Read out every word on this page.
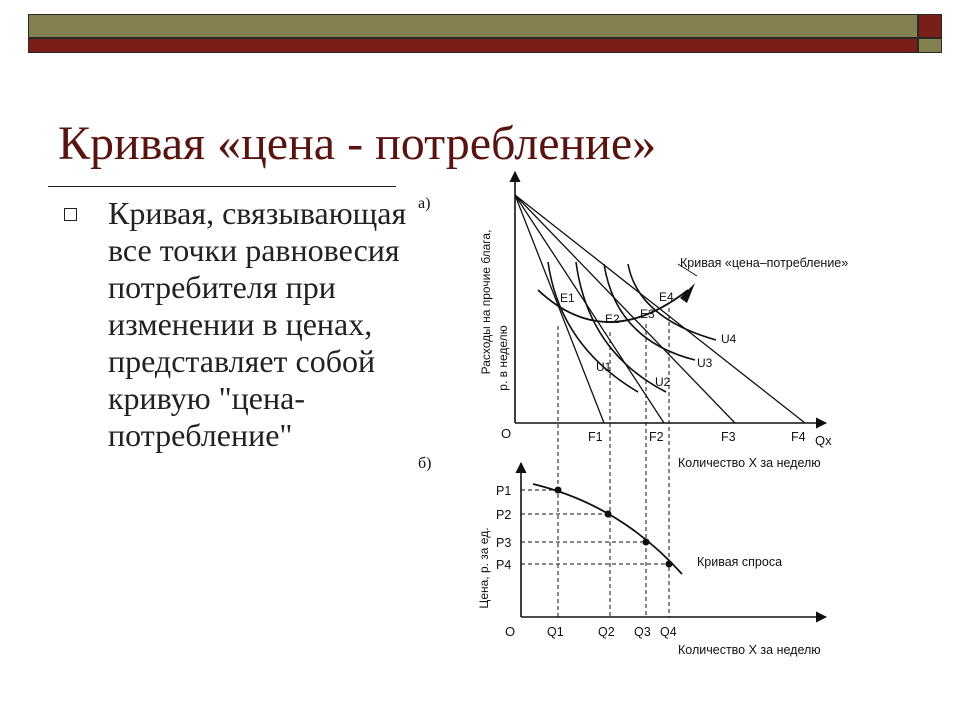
Кривая «цена - потребление»

Кривая, связывающая все точки равновесия потребителя при изменении в ценах, представляет собой кривую "цена-потребление"

а)
Расходы на прочие блага, р. в неделю
O
Кривая «цена–потребление»
E1
E2 E3
E4
U1
U2
U3
U4
F1	F2	F3	F4 Qx
Количество X за неделю
б)
Цена, р. за ед.
O
Кривая спроса
P1
P2
P3
P4
Q1	Q2 Q3 Q4
Количество X за неделю
